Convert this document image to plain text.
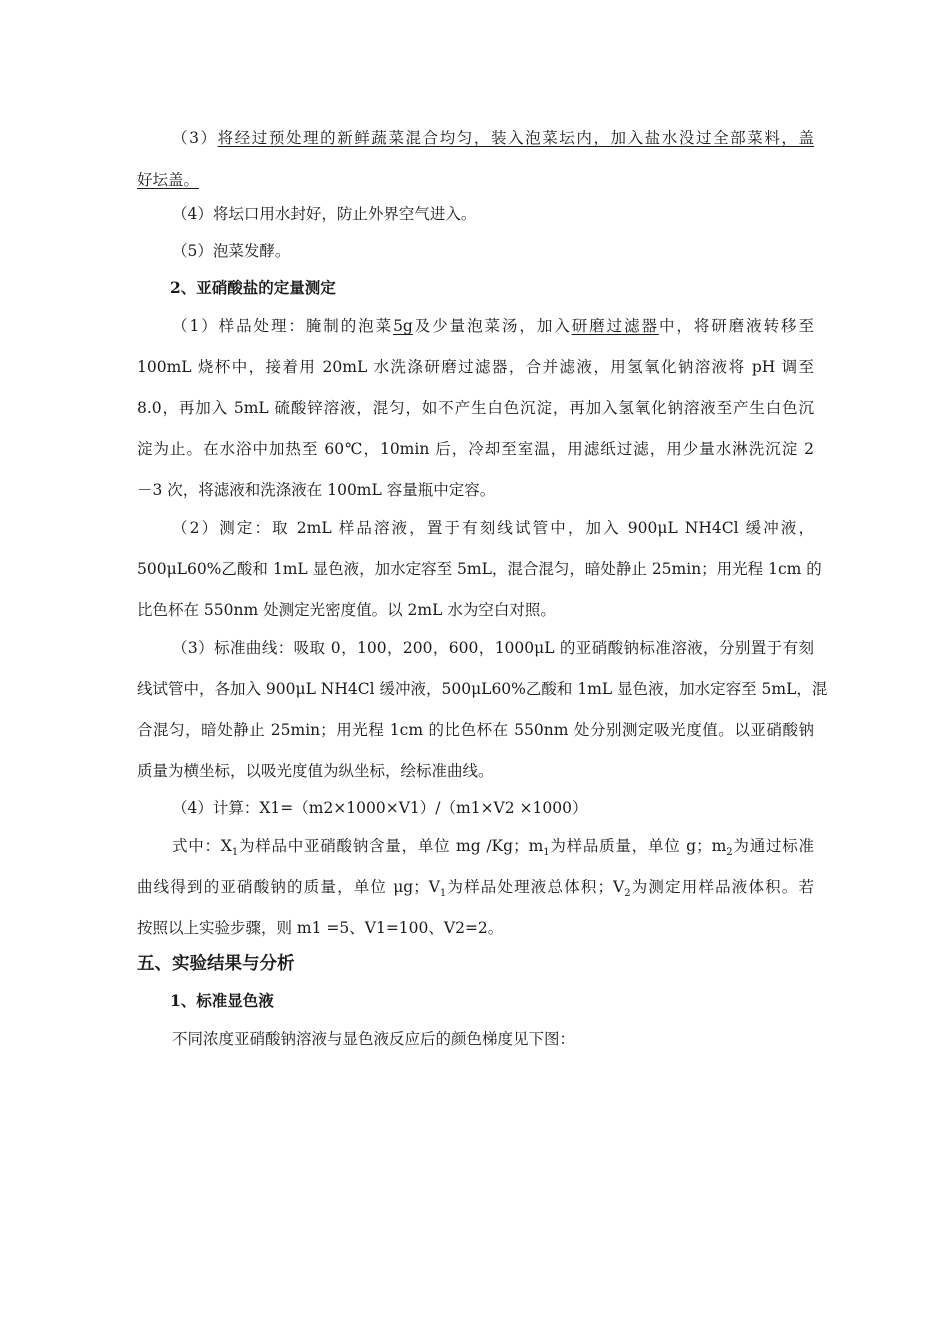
（3）将经过预处理的新鲜蔬菜混合均匀，装入泡菜坛内，加入盐水没过全部菜料，盖
好坛盖。
（4）将坛口用水封好，防止外界空气进入。
（5）泡菜发酵。
2、亚硝酸盐的定量测定
（1）样品处理：腌制的泡菜5g及少量泡菜汤，加入研磨过滤器中，将研磨液转移至
100mL 烧杯中，接着用 20mL 水洗涤研磨过滤器，合并滤液，用氢氧化钠溶液将 pH 调至
8.0，再加入 5mL 硫酸锌溶液，混匀，如不产生白色沉淀，再加入氢氧化钠溶液至产生白色沉
淀为止。在水浴中加热至 60℃，10min 后，冷却至室温，用滤纸过滤，用少量水淋洗沉淀 2
－3 次，将滤液和洗涤液在 100mL 容量瓶中定容。
（2）测定：取 2mL 样品溶液，置于有刻线试管中，加入 900μL NH4Cl 缓冲液，
500μL60%乙酸和 1mL 显色液，加水定容至 5mL，混合混匀，暗处静止 25min；用光程 1cm 的
比色杯在 550nm 处测定光密度值。以 2mL 水为空白对照。
（3）标准曲线：吸取 0，100，200，600，1000μL 的亚硝酸钠标准溶液，分别置于有刻
线试管中，各加入 900μL NH4Cl 缓冲液，500μL60%乙酸和 1mL 显色液，加水定容至 5mL，混
合混匀，暗处静止 25min；用光程 1cm 的比色杯在 550nm 处分别测定吸光度值。以亚硝酸钠
质量为横坐标，以吸光度值为纵坐标，绘标准曲线。
（4）计算：X1=（m2×1000×V1）/（m1×V2 ×1000）
式中：$X_1$为样品中亚硝酸钠含量，单位 mg /Kg；$m_1$为样品质量，单位 g；$m_2$为通过标准
曲线得到的亚硝酸钠的质量，单位 μg；$V_1$为样品处理液总体积；$V_2$为测定用样品液体积。若
按照以上实验步骤，则 m1 =5、V1=100、V2=2。
五、实验结果与分析
1、标准显色液
不同浓度亚硝酸钠溶液与显色液反应后的颜色梯度见下图：
